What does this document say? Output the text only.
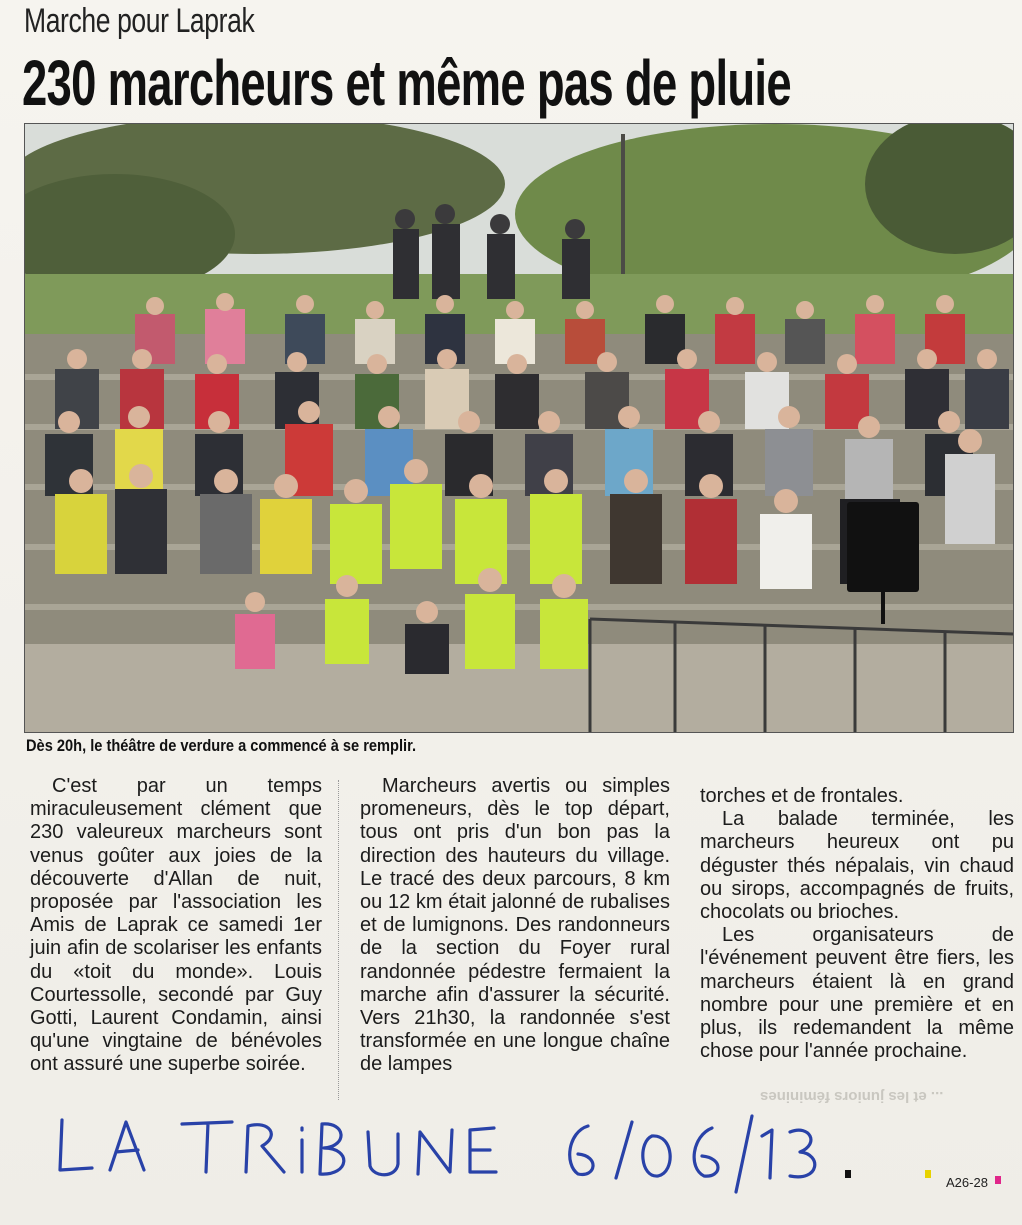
Marche pour Laprak
230 marcheurs et même pas de pluie
Dès 20h, le théâtre de verdure a commencé à se remplir.

C'est par un temps miraculeusement clément que 230 valeureux marcheurs sont venus goûter aux joies de la découverte d'Allan de nuit, proposée par l'association les Amis de Laprak ce samedi 1er juin afin de scolariser les enfants du «toit du monde». Louis Courtessolle, secondé par Guy Gotti, Laurent Condamin, ainsi qu'une vingtaine de bénévoles ont assuré une superbe soirée.

Marcheurs avertis ou simples promeneurs, dès le top départ, tous ont pris d'un bon pas la direction des hauteurs du village. Le tracé des deux parcours, 8 km ou 12 km était jalonné de rubalises et de lumignons. Des randonneurs de la section du Foyer rural randonnée pédestre fermaient la marche afin d'assurer la sécurité. Vers 21h30, la randonnée s'est transformée en une longue chaîne de lampes

torches et de frontales.

La balade terminée, les marcheurs heureux ont pu déguster thés népalais, vin chaud ou sirops, accompagnés de fruits, chocolats ou brioches.

Les organisateurs de l'événement peuvent être fiers, les marcheurs étaient là en grand nombre pour une première et en plus, ils redemandent la même chose pour l'année prochaine.

... et les juniors féminines
A26-28
